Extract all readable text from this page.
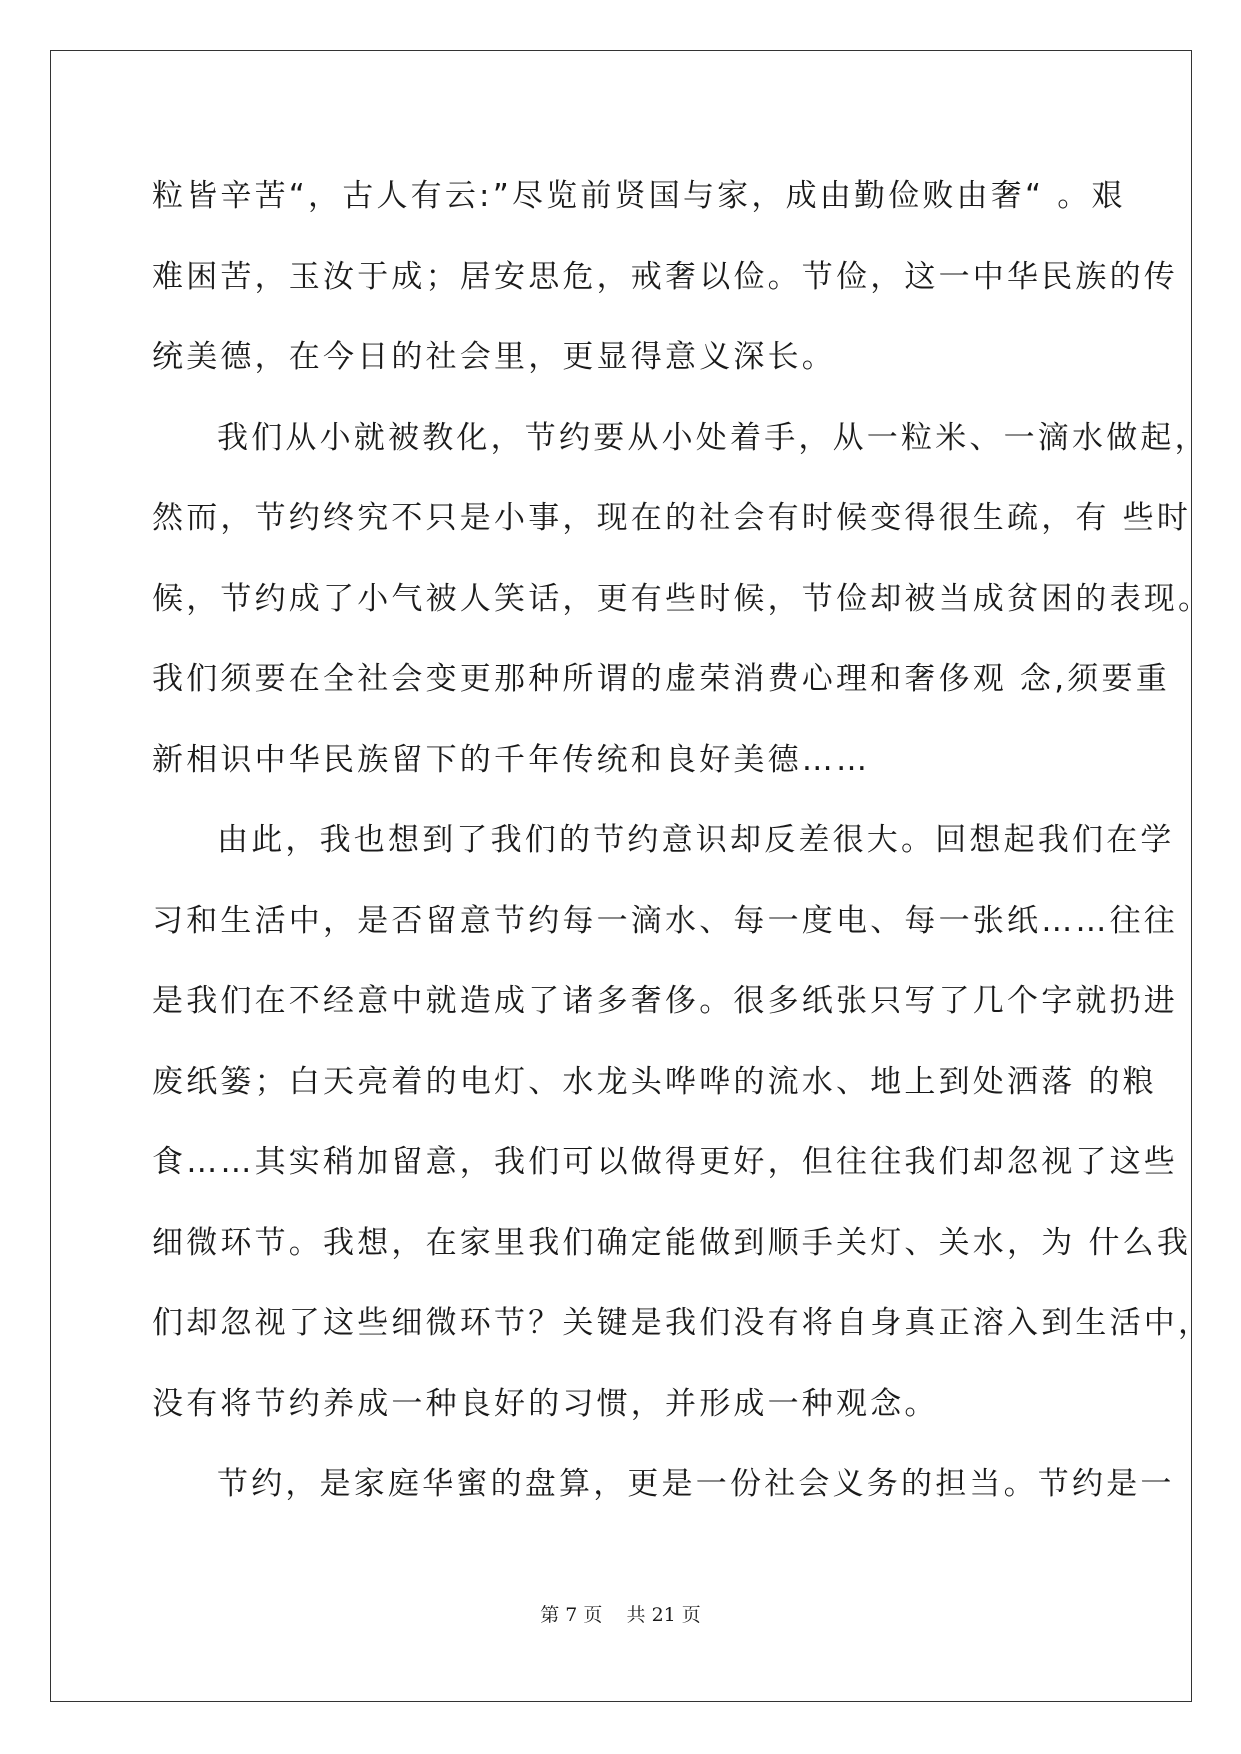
粒皆辛苦“，古人有云:”尽览前贤国与家，成由勤俭败由奢“ 。艰
难困苦，玉汝于成；居安思危，戒奢以俭。节俭，这一中华民族的传
统美德，在今日的社会里，更显得意义深长。
我们从小就被教化，节约要从小处着手，从一粒米、一滴水做起，
然而，节约终究不只是小事，现在的社会有时候变得很生疏，有 些时
候，节约成了小气被人笑话，更有些时候，节俭却被当成贫困的表现。
我们须要在全社会变更那种所谓的虚荣消费心理和奢侈观 念,须要重
新相识中华民族留下的千年传统和良好美德……
由此，我也想到了我们的节约意识却反差很大。回想起我们在学
习和生活中，是否留意节约每一滴水、每一度电、每一张纸……往往
是我们在不经意中就造成了诸多奢侈。很多纸张只写了几个字就扔进
废纸篓；白天亮着的电灯、水龙头哗哗的流水、地上到处洒落 的粮
食……其实稍加留意，我们可以做得更好，但往往我们却忽视了这些
细微环节。我想，在家里我们确定能做到顺手关灯、关水，为 什么我
们却忽视了这些细微环节？关键是我们没有将自身真正溶入到生活中，
没有将节约养成一种良好的习惯，并形成一种观念。
节约，是家庭华蜜的盘算，更是一份社会义务的担当。节约是一
第 7 页    共 21 页
